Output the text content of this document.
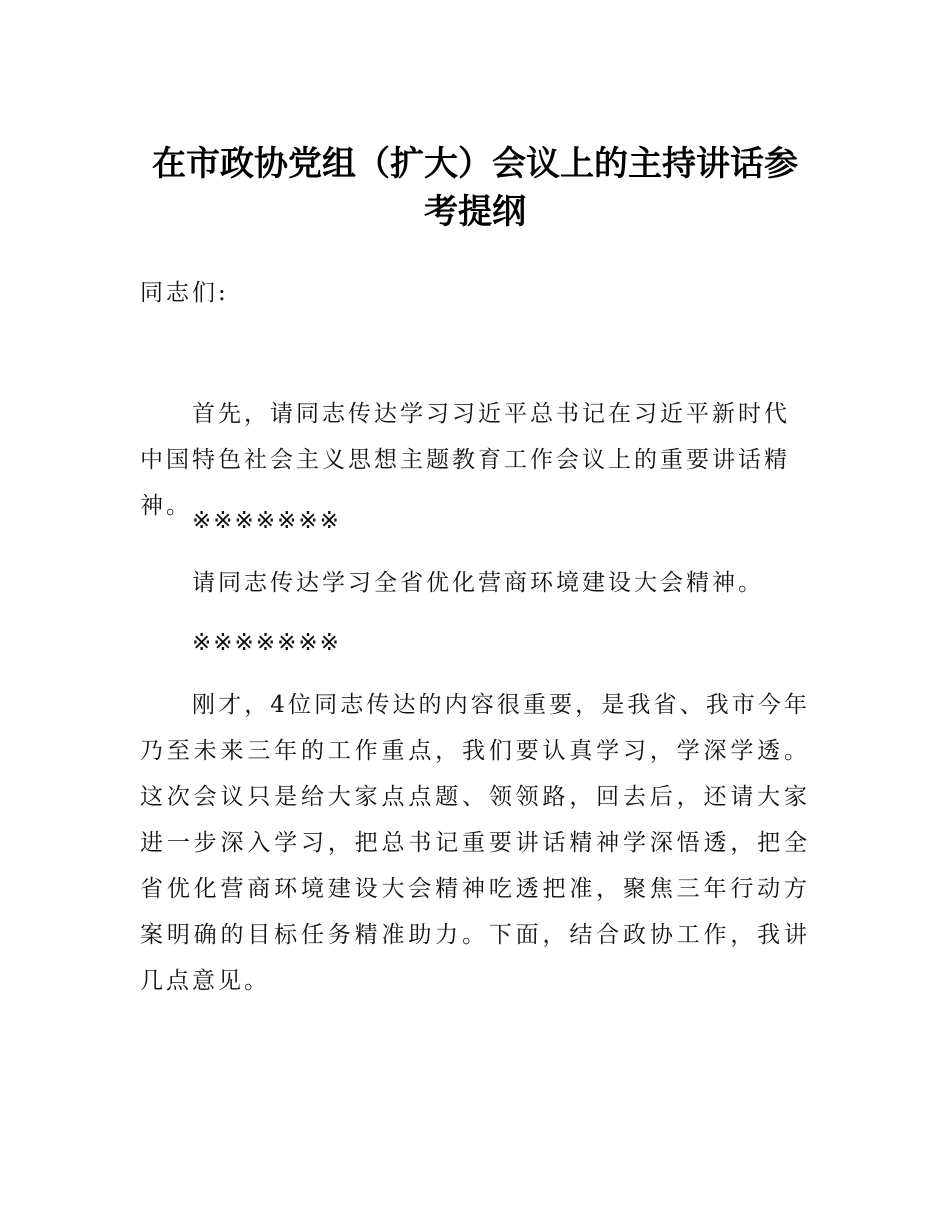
在市政协党组（扩大）会议上的主持讲话参考提纲

同志们:

首先，请同志传达学习习近平总书记在习近平新时代中国特色社会主义思想主题教育工作会议上的重要讲话精神。

※※※※※※※

请同志传达学习全省优化营商环境建设大会精神。

※※※※※※※

刚才，4位同志传达的内容很重要，是我省、我市今年乃至未来三年的工作重点，我们要认真学习，学深学透。这次会议只是给大家点点题、领领路，回去后，还请大家进一步深入学习，把总书记重要讲话精神学深悟透，把全省优化营商环境建设大会精神吃透把准，聚焦三年行动方案明确的目标任务精准助力。下面，结合政协工作，我讲几点意见。
